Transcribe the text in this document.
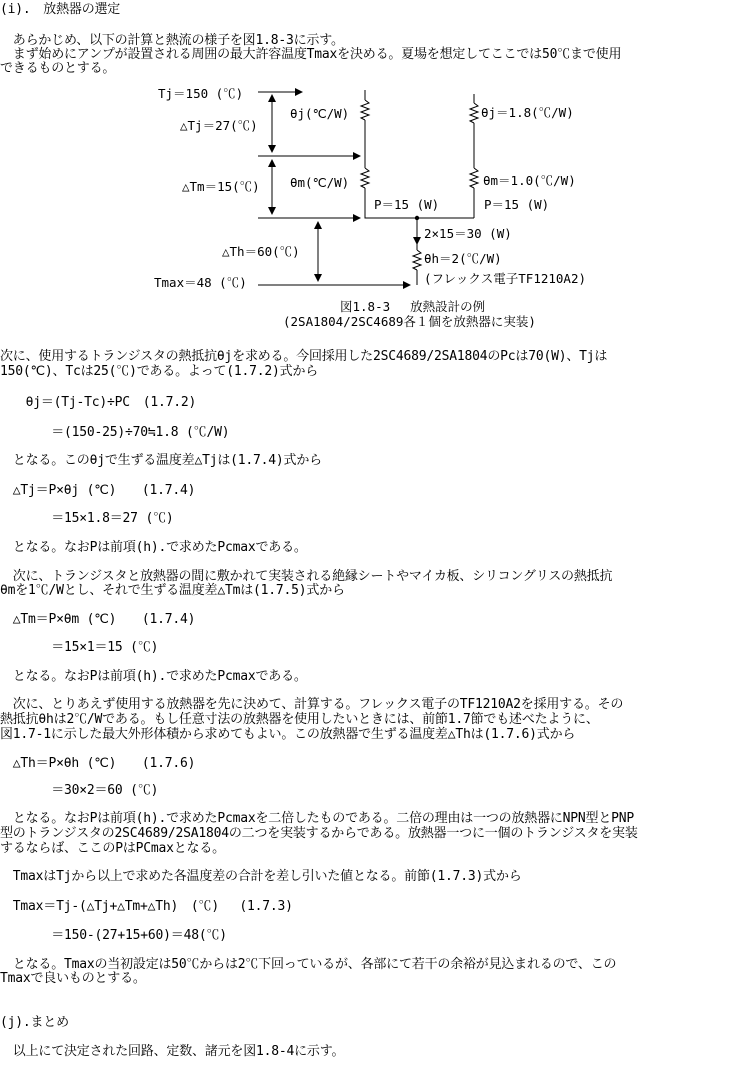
(i).　放熱器の選定
　あらかじめ、以下の計算と熱流の様子を図1.8-3に示す。
　まず始めにアンプが設置される周囲の最大許容温度Tmaxを決める。夏場を想定してここでは50℃まで使用
できるものとする。
Tj＝150 (℃)
△Tj＝27(℃)
△Tm＝15(℃)
△Th＝60(℃)
Tmax＝48 (℃)
θj(℃/W)
θm(℃/W)
P＝15 (W)
θj＝1.8(℃/W)
θm＝1.0(℃/W)
P＝15 (W)
2×15＝30 (W)
θh＝2(℃/W)
(フレックス電子TF1210A2)
図1.8-3　 放熱設計の例
(2SA1804/2SC4689各１個を放熱器に実装)
次に、使用するトランジスタの熱抵抗θjを求める。今回採用した2SC4689/2SA1804のPcは70(W)、Tjは
150(℃)、Tcは25(℃)である。よって(1.7.2)式から
　　θj＝(Tj-Tc)÷PC　(1.7.2)
　　　　＝(150-25)÷70≒1.8 (℃/W)
　となる。このθjで生ずる温度差△Tjは(1.7.4)式から
　△Tj＝P×θj (℃)　　(1.7.4)
　　　　＝15×1.8＝27 (℃)
　となる。なおPは前項(h).で求めたPcmaxである。
　次に、トランジスタと放熱器の間に敷かれて実装される絶縁シートやマイカ板、シリコングリスの熱抵抗
θmを1℃/Wとし、それで生ずる温度差△Tmは(1.7.5)式から
　△Tm＝P×θm (℃)　　(1.7.4)
　　　　＝15×1＝15 (℃)
　となる。なおPは前項(h).で求めたPcmaxである。
　次に、とりあえず使用する放熱器を先に決めて、計算する。フレックス電子のTF1210A2を採用する。その
熱抵抗θhは2℃/Wである。もし任意寸法の放熱器を使用したいときには、前節1.7節でも述べたように、
図1.7-1に示した最大外形体積から求めてもよい。この放熱器で生ずる温度差△Thは(1.7.6)式から
　△Th＝P×θh (℃)　　(1.7.6)
　　　　＝30×2＝60 (℃)
　となる。なおPは前項(h).で求めたPcmaxを二倍したものである。二倍の理由は一つの放熱器にNPN型とPNP
型のトランジスタの2SC4689/2SA1804の二つを実装するからである。放熱器一つに一個のトランジスタを実装
するならば、ここのPはPCmaxとなる。
　TmaxはTjから以上で求めた各温度差の合計を差し引いた値となる。前節(1.7.3)式から
　Tmax＝Tj-(△Tj+△Tm+△Th)　(℃)　 (1.7.3)
　　　　＝150-(27+15+60)＝48(℃)
　となる。Tmaxの当初設定は50℃からは2℃下回っているが、各部にて若干の余裕が見込まれるので、この
Tmaxで良いものとする。
(j).まとめ
　以上にて決定された回路、定数、諸元を図1.8-4に示す。
